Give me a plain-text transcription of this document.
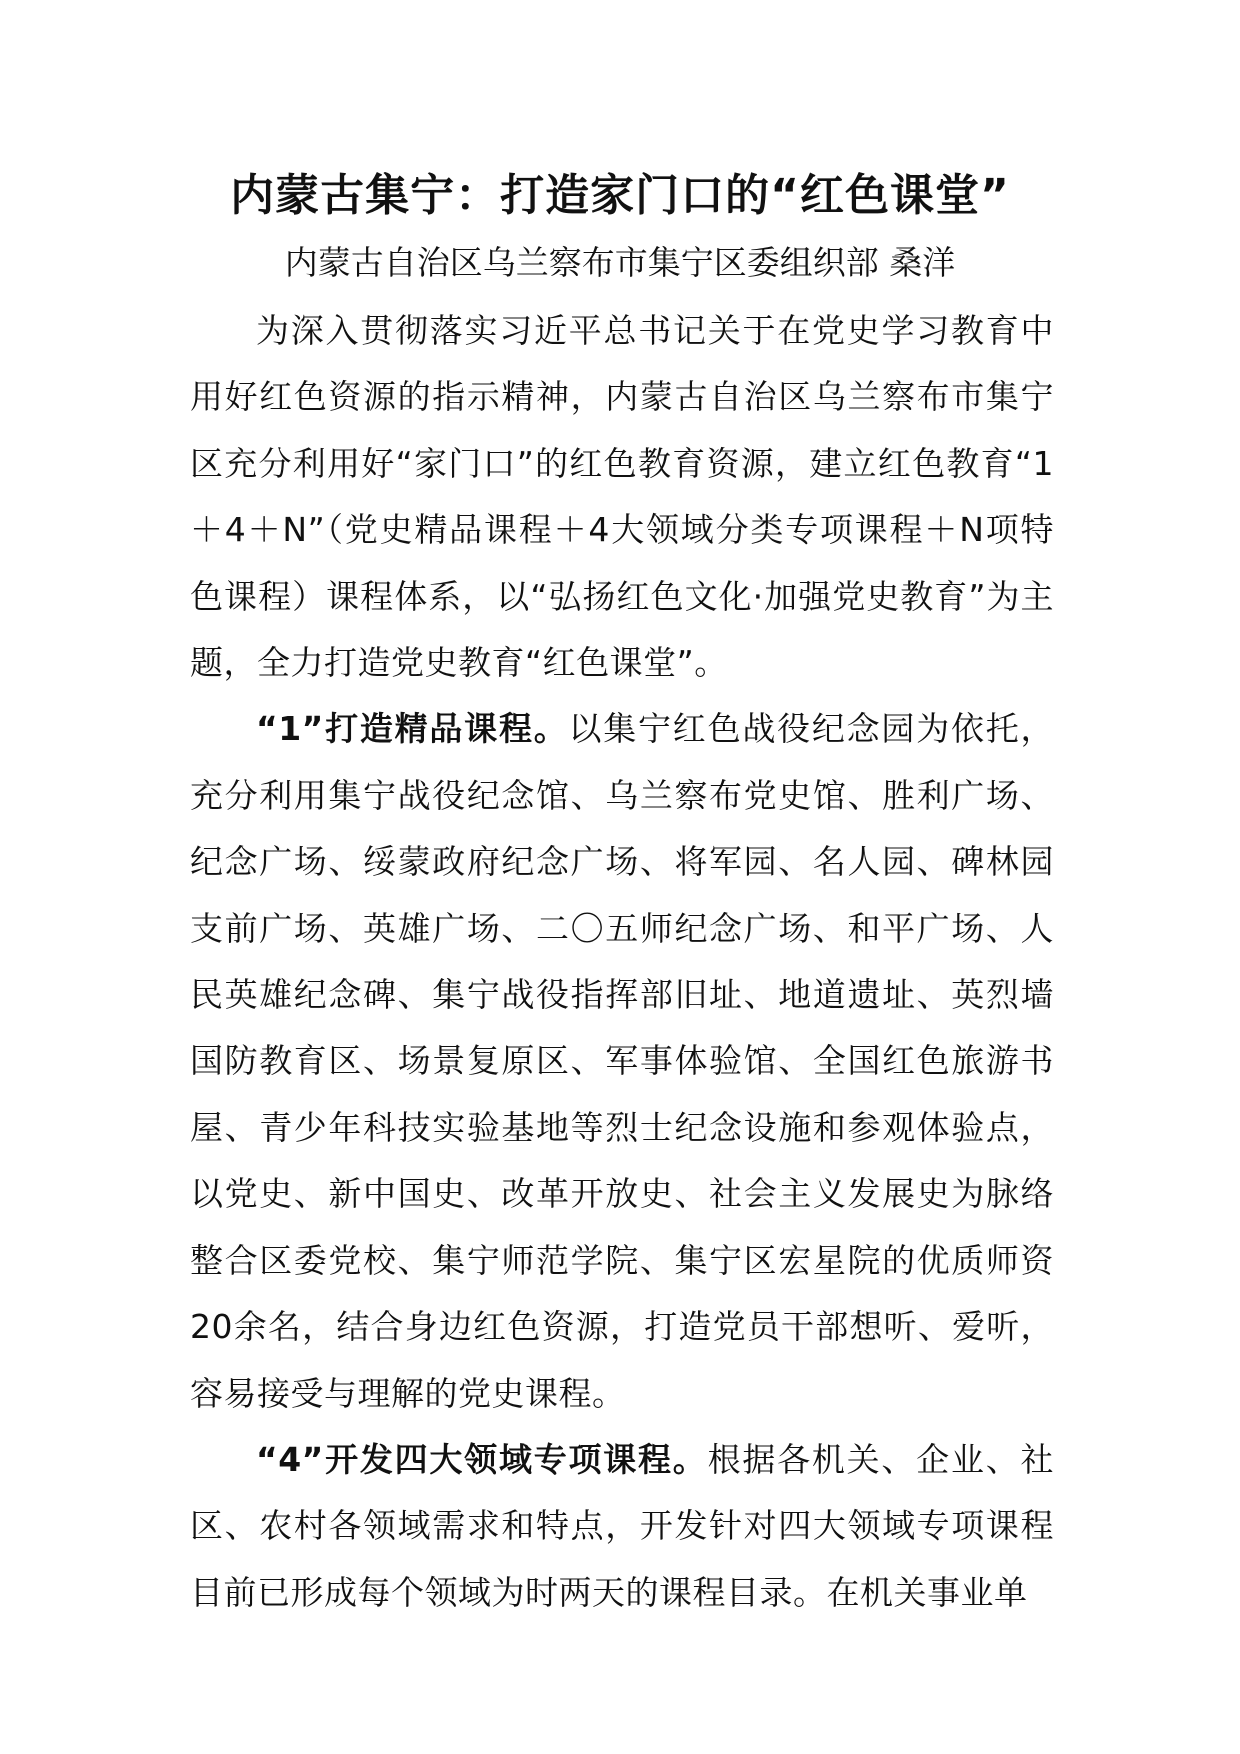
内蒙古集宁：打造家门口的“红色课堂”

内蒙古自治区乌兰察布市集宁区委组织部 桑洋

为深入贯彻落实习近平总书记关于在党史学习教育中用好红色资源的指示精神，内蒙古自治区乌兰察布市集宁区充分利用好“家门口”的红色教育资源，建立红色教育“1＋4＋N”（党史精品课程＋4大领域分类专项课程＋N项特色课程）课程体系，以“弘扬红色文化·加强党史教育”为主题，全力打造党史教育“红色课堂”。

“1”打造精品课程。以集宁红色战役纪念园为依托，充分利用集宁战役纪念馆、乌兰察布党史馆、胜利广场、纪念广场、绥蒙政府纪念广场、将军园、名人园、碑林园支前广场、英雄广场、二〇五师纪念广场、和平广场、人民英雄纪念碑、集宁战役指挥部旧址、地道遗址、英烈墙国防教育区、场景复原区、军事体验馆、全国红色旅游书屋、青少年科技实验基地等烈士纪念设施和参观体验点，以党史、新中国史、改革开放史、社会主义发展史为脉络整合区委党校、集宁师范学院、集宁区宏星院的优质师资20余名，结合身边红色资源，打造党员干部想听、爱听，容易接受与理解的党史课程。

“4”开发四大领域专项课程。根据各机关、企业、社区、农村各领域需求和特点，开发针对四大领域专项课程目前已形成每个领域为时两天的课程目录。在机关事业单
